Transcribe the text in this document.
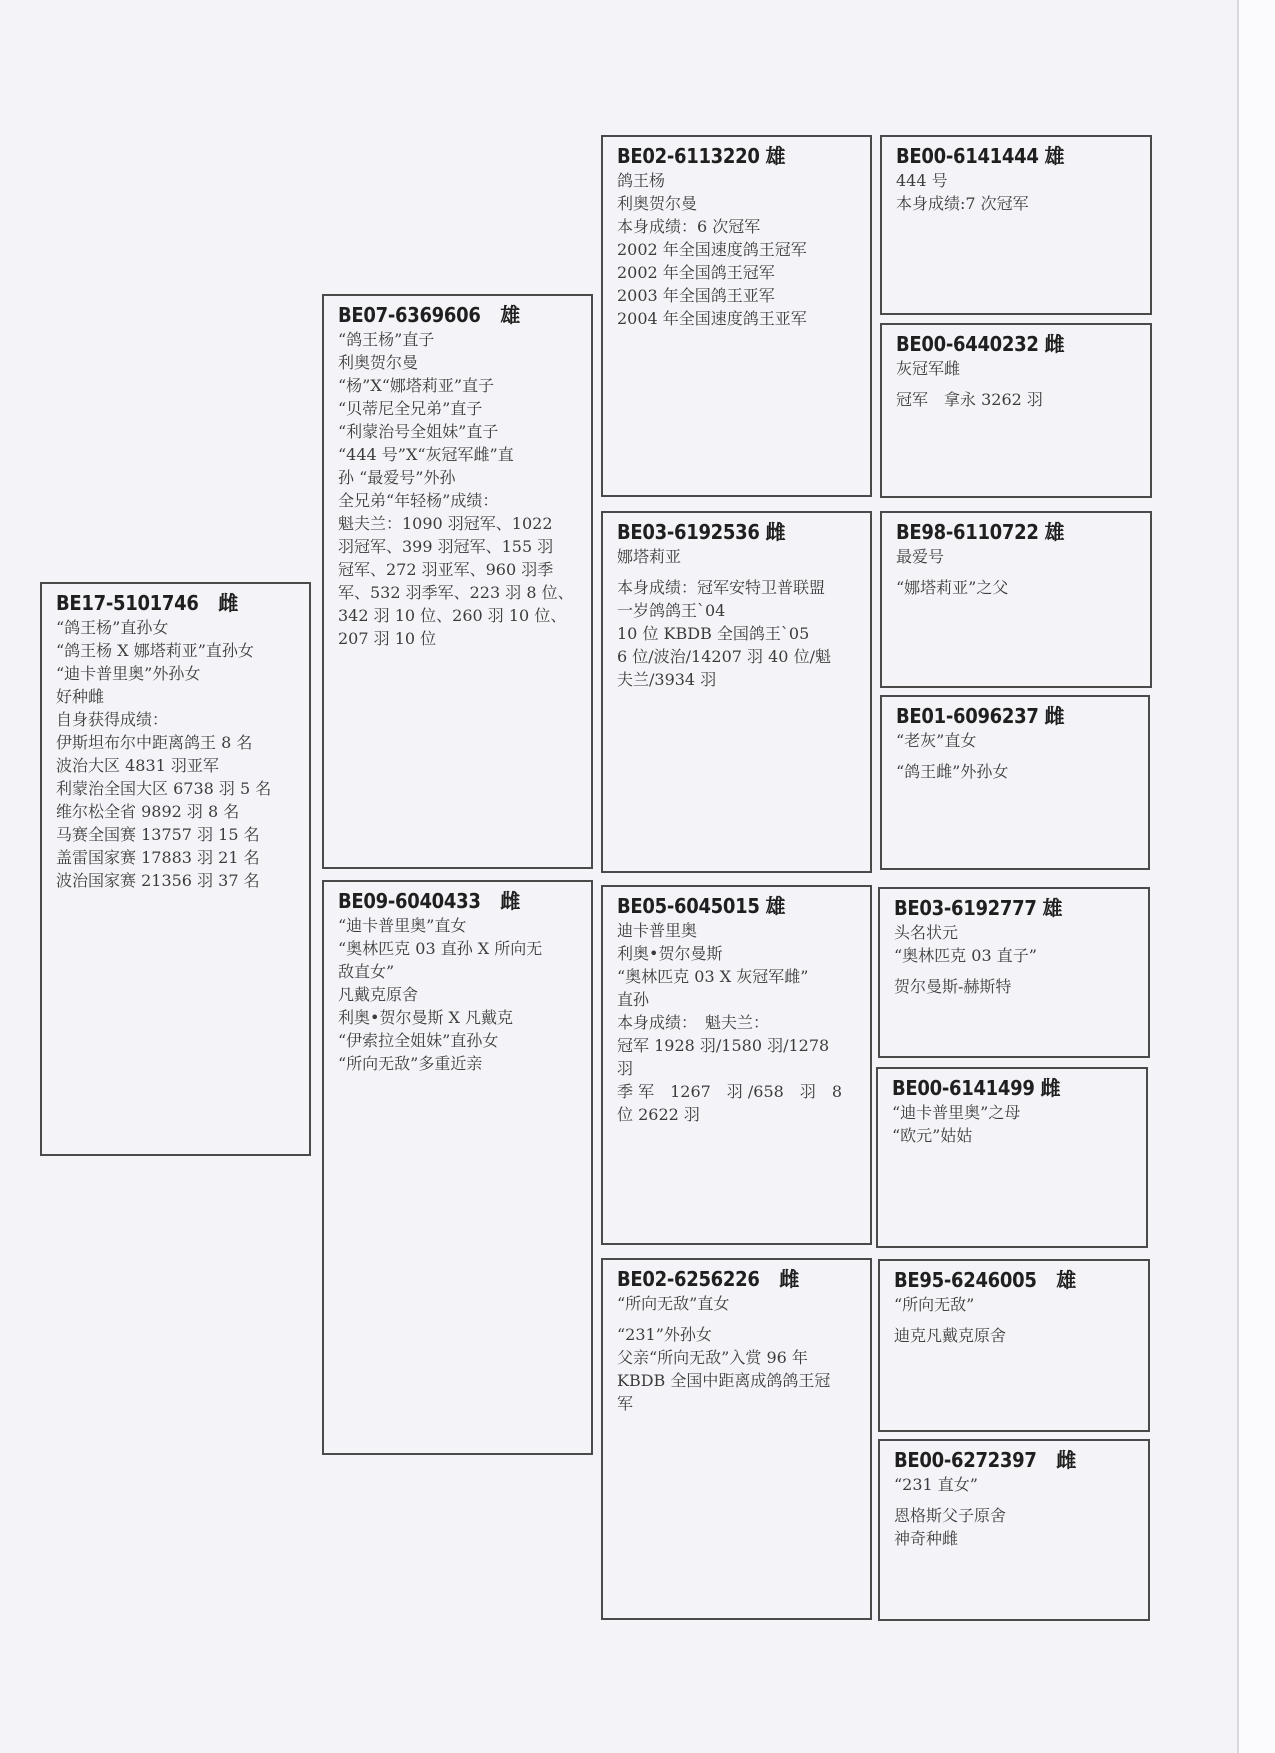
BE17-5101746　雌
“鸽王杨”直孙女
“鸽王杨 X 娜塔莉亚”直孙女
“迪卡普里奥”外孙女
好种雌
自身获得成绩：
伊斯坦布尔中距离鸽王 8 名
波治大区 4831 羽亚军
利蒙治全国大区 6738 羽 5 名
维尔松全省 9892 羽 8 名
马赛全国赛 13757 羽 15 名
盖雷国家赛 17883 羽 21 名
波治国家赛 21356 羽 37 名
BE07-6369606　雄
“鸽王杨”直子
利奥贺尔曼
“杨”X“娜塔莉亚”直子
“贝蒂尼全兄弟”直子
“利蒙治号全姐妹”直子
“444 号”X“灰冠军雌”直
孙 “最爱号”外孙
全兄弟“年轻杨”成绩：
魁夫兰：1090 羽冠军、1022
羽冠军、399 羽冠军、155 羽
冠军、272 羽亚军、960 羽季
军、532 羽季军、223 羽 8 位、
342 羽 10 位、260 羽 10 位、
207 羽 10 位
BE09-6040433　雌
“迪卡普里奥”直女
“奥林匹克 03 直孙 X 所向无
敌直女”
凡戴克原舍
利奥•贺尔曼斯 X 凡戴克
“伊索拉全姐妹”直孙女
“所向无敌”多重近亲
BE02-6113220 雄
鸽王杨
利奥贺尔曼
本身成绩：6 次冠军
2002 年全国速度鸽王冠军
2002 年全国鸽王冠军
2003 年全国鸽王亚军
2004 年全国速度鸽王亚军
BE03-6192536 雌
娜塔莉亚
本身成绩：冠军安特卫普联盟
一岁鸽鸽王`04
10 位 KBDB 全国鸽王`05
6 位/波治/14207 羽 40 位/魁
夫兰/3934 羽
BE05-6045015 雄
迪卡普里奥
利奥•贺尔曼斯
“奥林匹克 03 X 灰冠军雌”
直孙
本身成绩：　魁夫兰：
冠军 1928 羽/1580 羽/1278
羽
季 军　1267　羽 /658　羽　8
位 2622 羽
BE02-6256226　雌
“所向无敌”直女
“231”外孙女
父亲“所向无敌”入赏 96 年
KBDB 全国中距离成鸽鸽王冠
军
BE00-6141444 雄
444 号
本身成绩:7 次冠军
BE00-6440232 雌
灰冠军雌
冠军　拿永 3262 羽
BE98-6110722 雄
最爱号
“娜塔莉亚”之父
BE01-6096237 雌
“老灰”直女
“鸽王雌”外孙女
BE03-6192777 雄
头名状元
“奥林匹克 03 直子”
贺尔曼斯-赫斯特
BE00-6141499 雌
“迪卡普里奥”之母
“欧元”姑姑
BE95-6246005　雄
“所向无敌”
迪克凡戴克原舍
BE00-6272397　雌
“231 直女”
恩格斯父子原舍
神奇种雌
